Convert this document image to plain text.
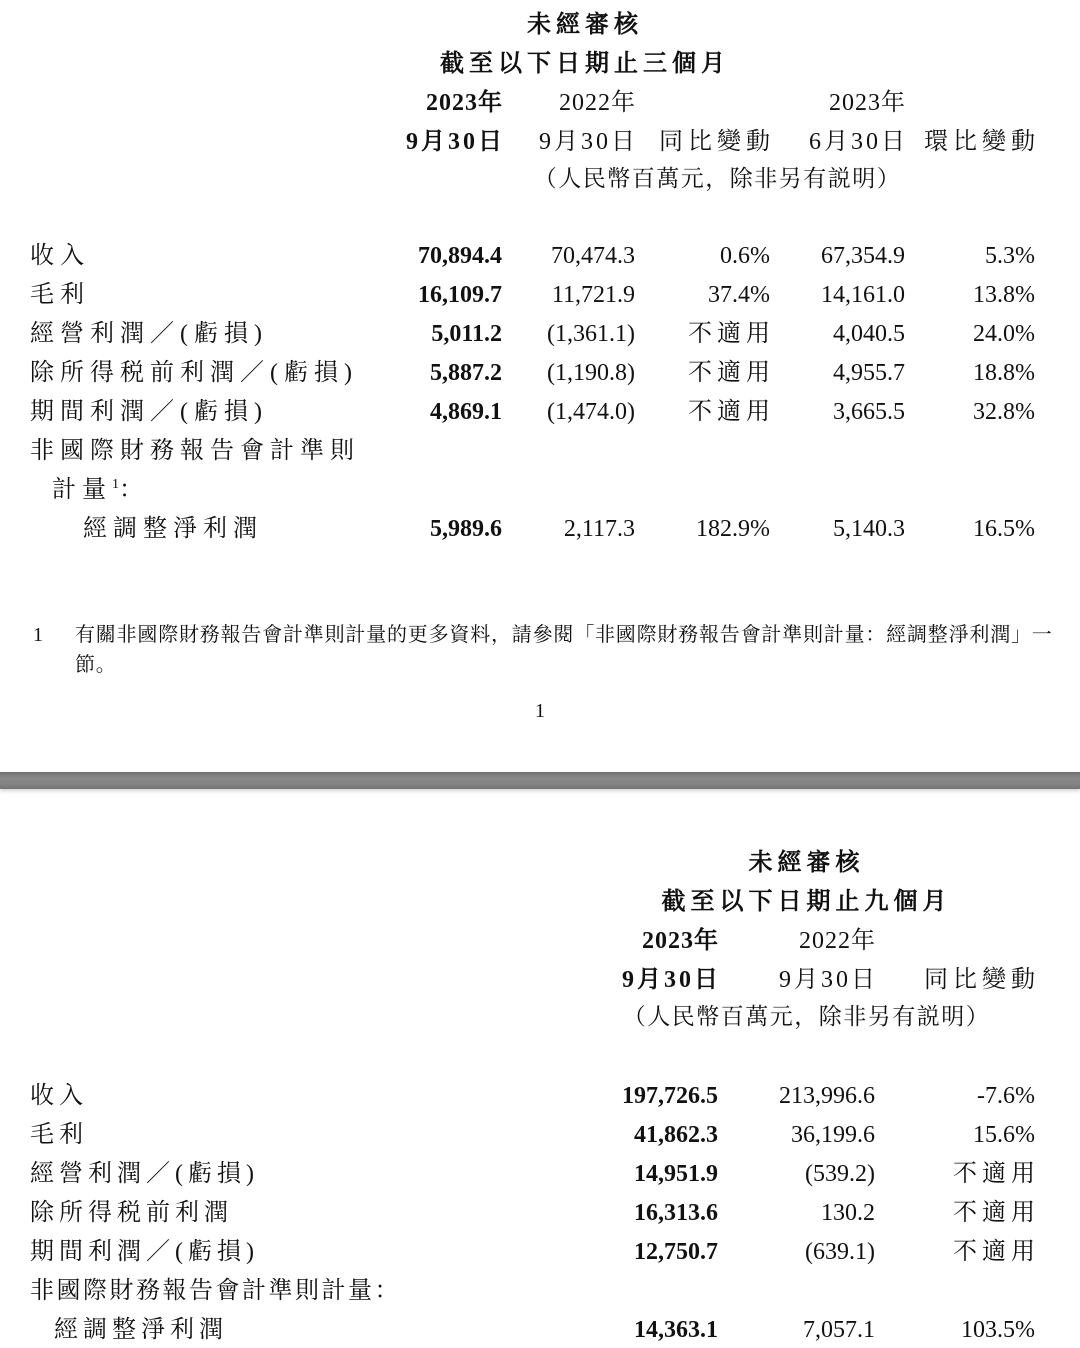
	未經審核				
	截至以下日期止三個月				
	2023年	2022年		2023年	
	9月30日	9月30日	同比變動	6月30日	環比變動
	（人民幣百萬元，除非另有説明）				

收入	70,894.4	70,474.3	0.6%	67,354.9	5.3%
毛利	16,109.7	11,721.9	37.4%	14,161.0	13.8%
經營利潤／(虧損)	5,011.2	(1,361.1)	不適用	4,040.5	24.0%
除所得税前利潤／(虧損)	5,887.2	(1,190.8)	不適用	4,955.7	18.8%
期間利潤／(虧損)	4,869.1	(1,474.0)	不適用	3,665.5	32.8%
非國際財務報告會計準則					
計量$^1$：					
經調整淨利潤	5,989.6	2,117.3	182.9%	5,140.3	16.5%
1 有關非國際財務報告會計準則計量的更多資料，請參閱「非國際財務報告會計準則計量：經調整淨利潤」一
節。
1
	未經審核		
	截至以下日期止九個月		
	2023年	2022年	
	9月30日	9月30日	同比變動
	（人民幣百萬元，除非另有説明）		

收入	197,726.5	213,996.6	-7.6%
毛利	41,862.3	36,199.6	15.6%
經營利潤／(虧損)	14,951.9	(539.2)	不適用
除所得税前利潤	16,313.6	130.2	不適用
期間利潤／(虧損)	12,750.7	(639.1)	不適用
非國際財務報告會計準則計量：			
經調整淨利潤	14,363.1	7,057.1	103.5%
